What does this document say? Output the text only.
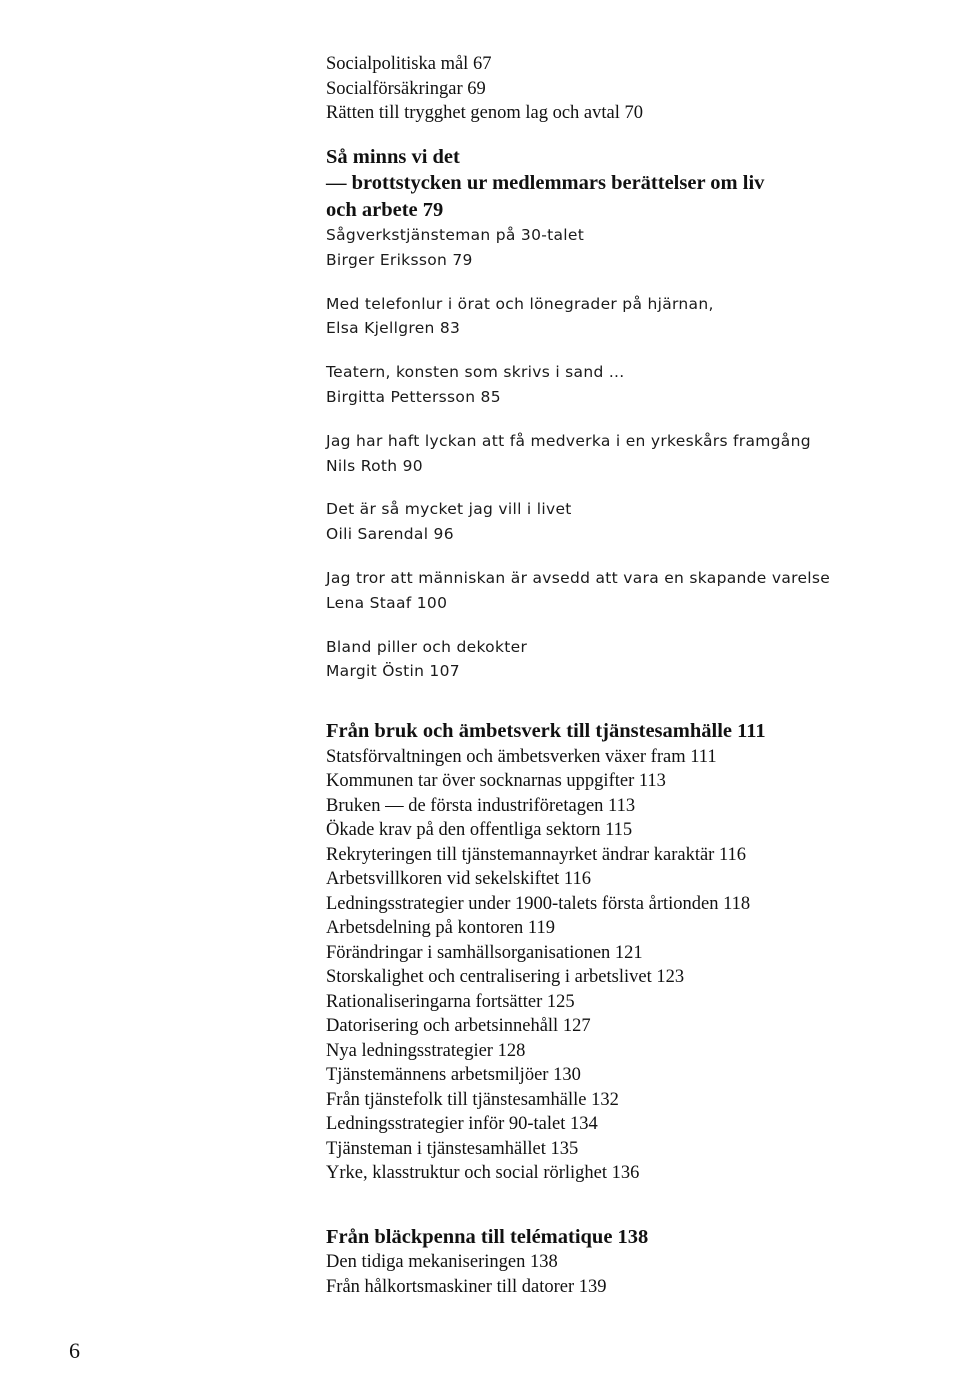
Socialpolitiska mål 67
Socialförsäkringar 69
Rätten till trygghet genom lag och avtal 70
Så minns vi det
— brottstycken ur medlemmars berättelser om liv
och arbete 79
Sågverkstjänsteman på 30-talet
Birger Eriksson 79
Med telefonlur i örat och lönegrader på hjärnan,
Elsa Kjellgren 83
Teatern, konsten som skrivs i sand ...
Birgitta Pettersson 85
Jag har haft lyckan att få medverka i en yrkeskårs framgång
Nils Roth 90
Det är så mycket jag vill i livet
Oili Sarendal 96
Jag tror att människan är avsedd att vara en skapande varelse
Lena Staaf 100
Bland piller och dekokter
Margit Östin 107
Från bruk och ämbetsverk till tjänstesamhälle 111
Statsförvaltningen och ämbetsverken växer fram 111
Kommunen tar över socknarnas uppgifter 113
Bruken — de första industriföretagen 113
Ökade krav på den offentliga sektorn 115
Rekryteringen till tjänstemannayrket ändrar karaktär 116
Arbetsvillkoren vid sekelskiftet 116
Ledningsstrategier under 1900-talets första årtionden 118
Arbetsdelning på kontoren 119
Förändringar i samhällsorganisationen 121
Storskalighet och centralisering i arbetslivet 123
Rationaliseringarna fortsätter 125
Datorisering och arbetsinnehåll 127
Nya ledningsstrategier 128
Tjänstemännens arbetsmiljöer 130
Från tjänstefolk till tjänstesamhälle 132
Ledningsstrategier inför 90-talet 134
Tjänsteman i tjänstesamhället 135
Yrke, klasstruktur och social rörlighet 136
Från bläckpenna till telématique 138
Den tidiga mekaniseringen 138
Från hålkortsmaskiner till datorer 139
6
